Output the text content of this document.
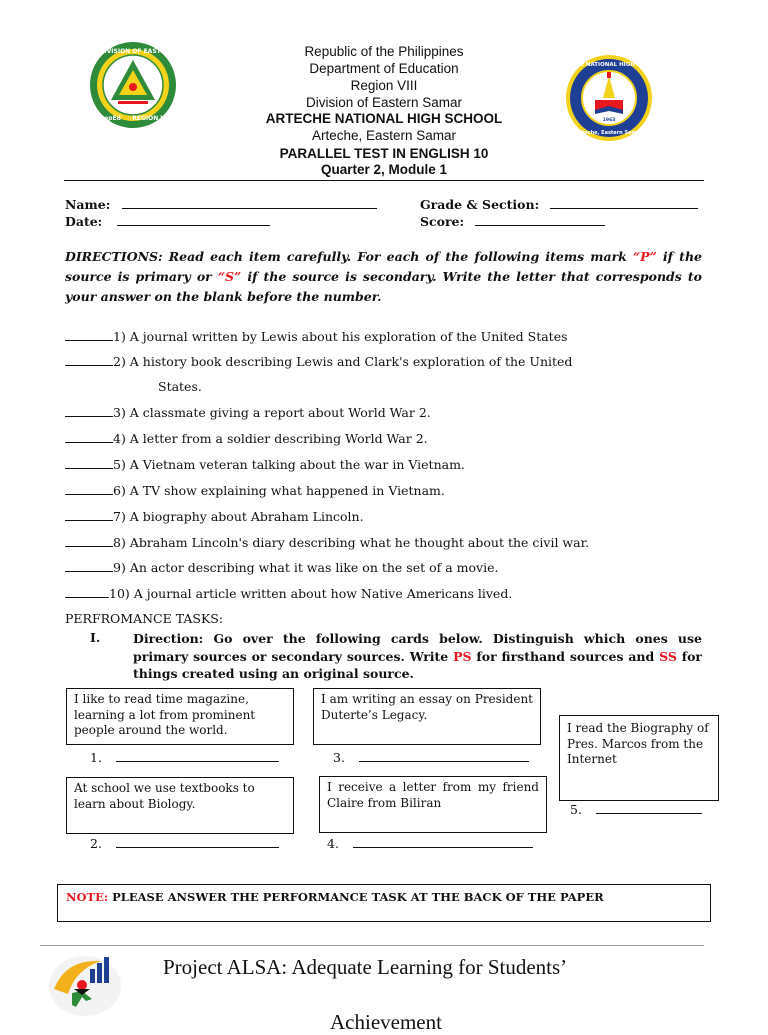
SCHOOLS DIVISION OF EASTERN SAMAR
DepEd REGION VIII
ARTECHE NATIONAL HIGH SCHOOL
1963
Arteche, Eastern Samar
Republic of the Philippines
Department of Education
Region VIII
Division of Eastern Samar
ARTECHE NATIONAL HIGH SCHOOL
Arteche, Eastern Samar
PARALLEL TEST IN ENGLISH 10
Quarter 2, Module 1
Name:
Date:
Grade & Section:
Score:
DIRECTIONS: Read each item carefully. For each of the following items mark “P” if the source is primary or “S” if the source is secondary. Write the letter that corresponds to your answer on the blank before the number.
1) A journal written by Lewis about his exploration of the United States
2) A history book describing Lewis and Clark's exploration of the United
States.
3) A classmate giving a report about World War 2.
4) A letter from a soldier describing World War 2.
5) A Vietnam veteran talking about the war in Vietnam.
6) A TV show explaining what happened in Vietnam.
7) A biography about Abraham Lincoln.
8) Abraham Lincoln's diary describing what he thought about the civil war.
9) An actor describing what it was like on the set of a movie.
10) A journal article written about how Native Americans lived.
PERFROMANCE TASKS:
I.	Direction: Go over the following cards below. Distinguish which ones use primary sources or secondary sources. Write PS for firsthand sources and SS for things created using an original source.
I like to read time magazine, learning a lot from prominent people around the world.
I am writing an essay on President Duterte’s Legacy.
I read the Biography of Pres. Marcos from the Internet
At school we use textbooks to learn about Biology.
I receive a letter from my friend Claire from Biliran
1.
2.
3.
4.
5.
NOTE: PLEASE ANSWER THE PERFORMANCE TASK AT THE BACK OF THE PAPER
Project ALSA: Adequate Learning for Students’
Achievement
